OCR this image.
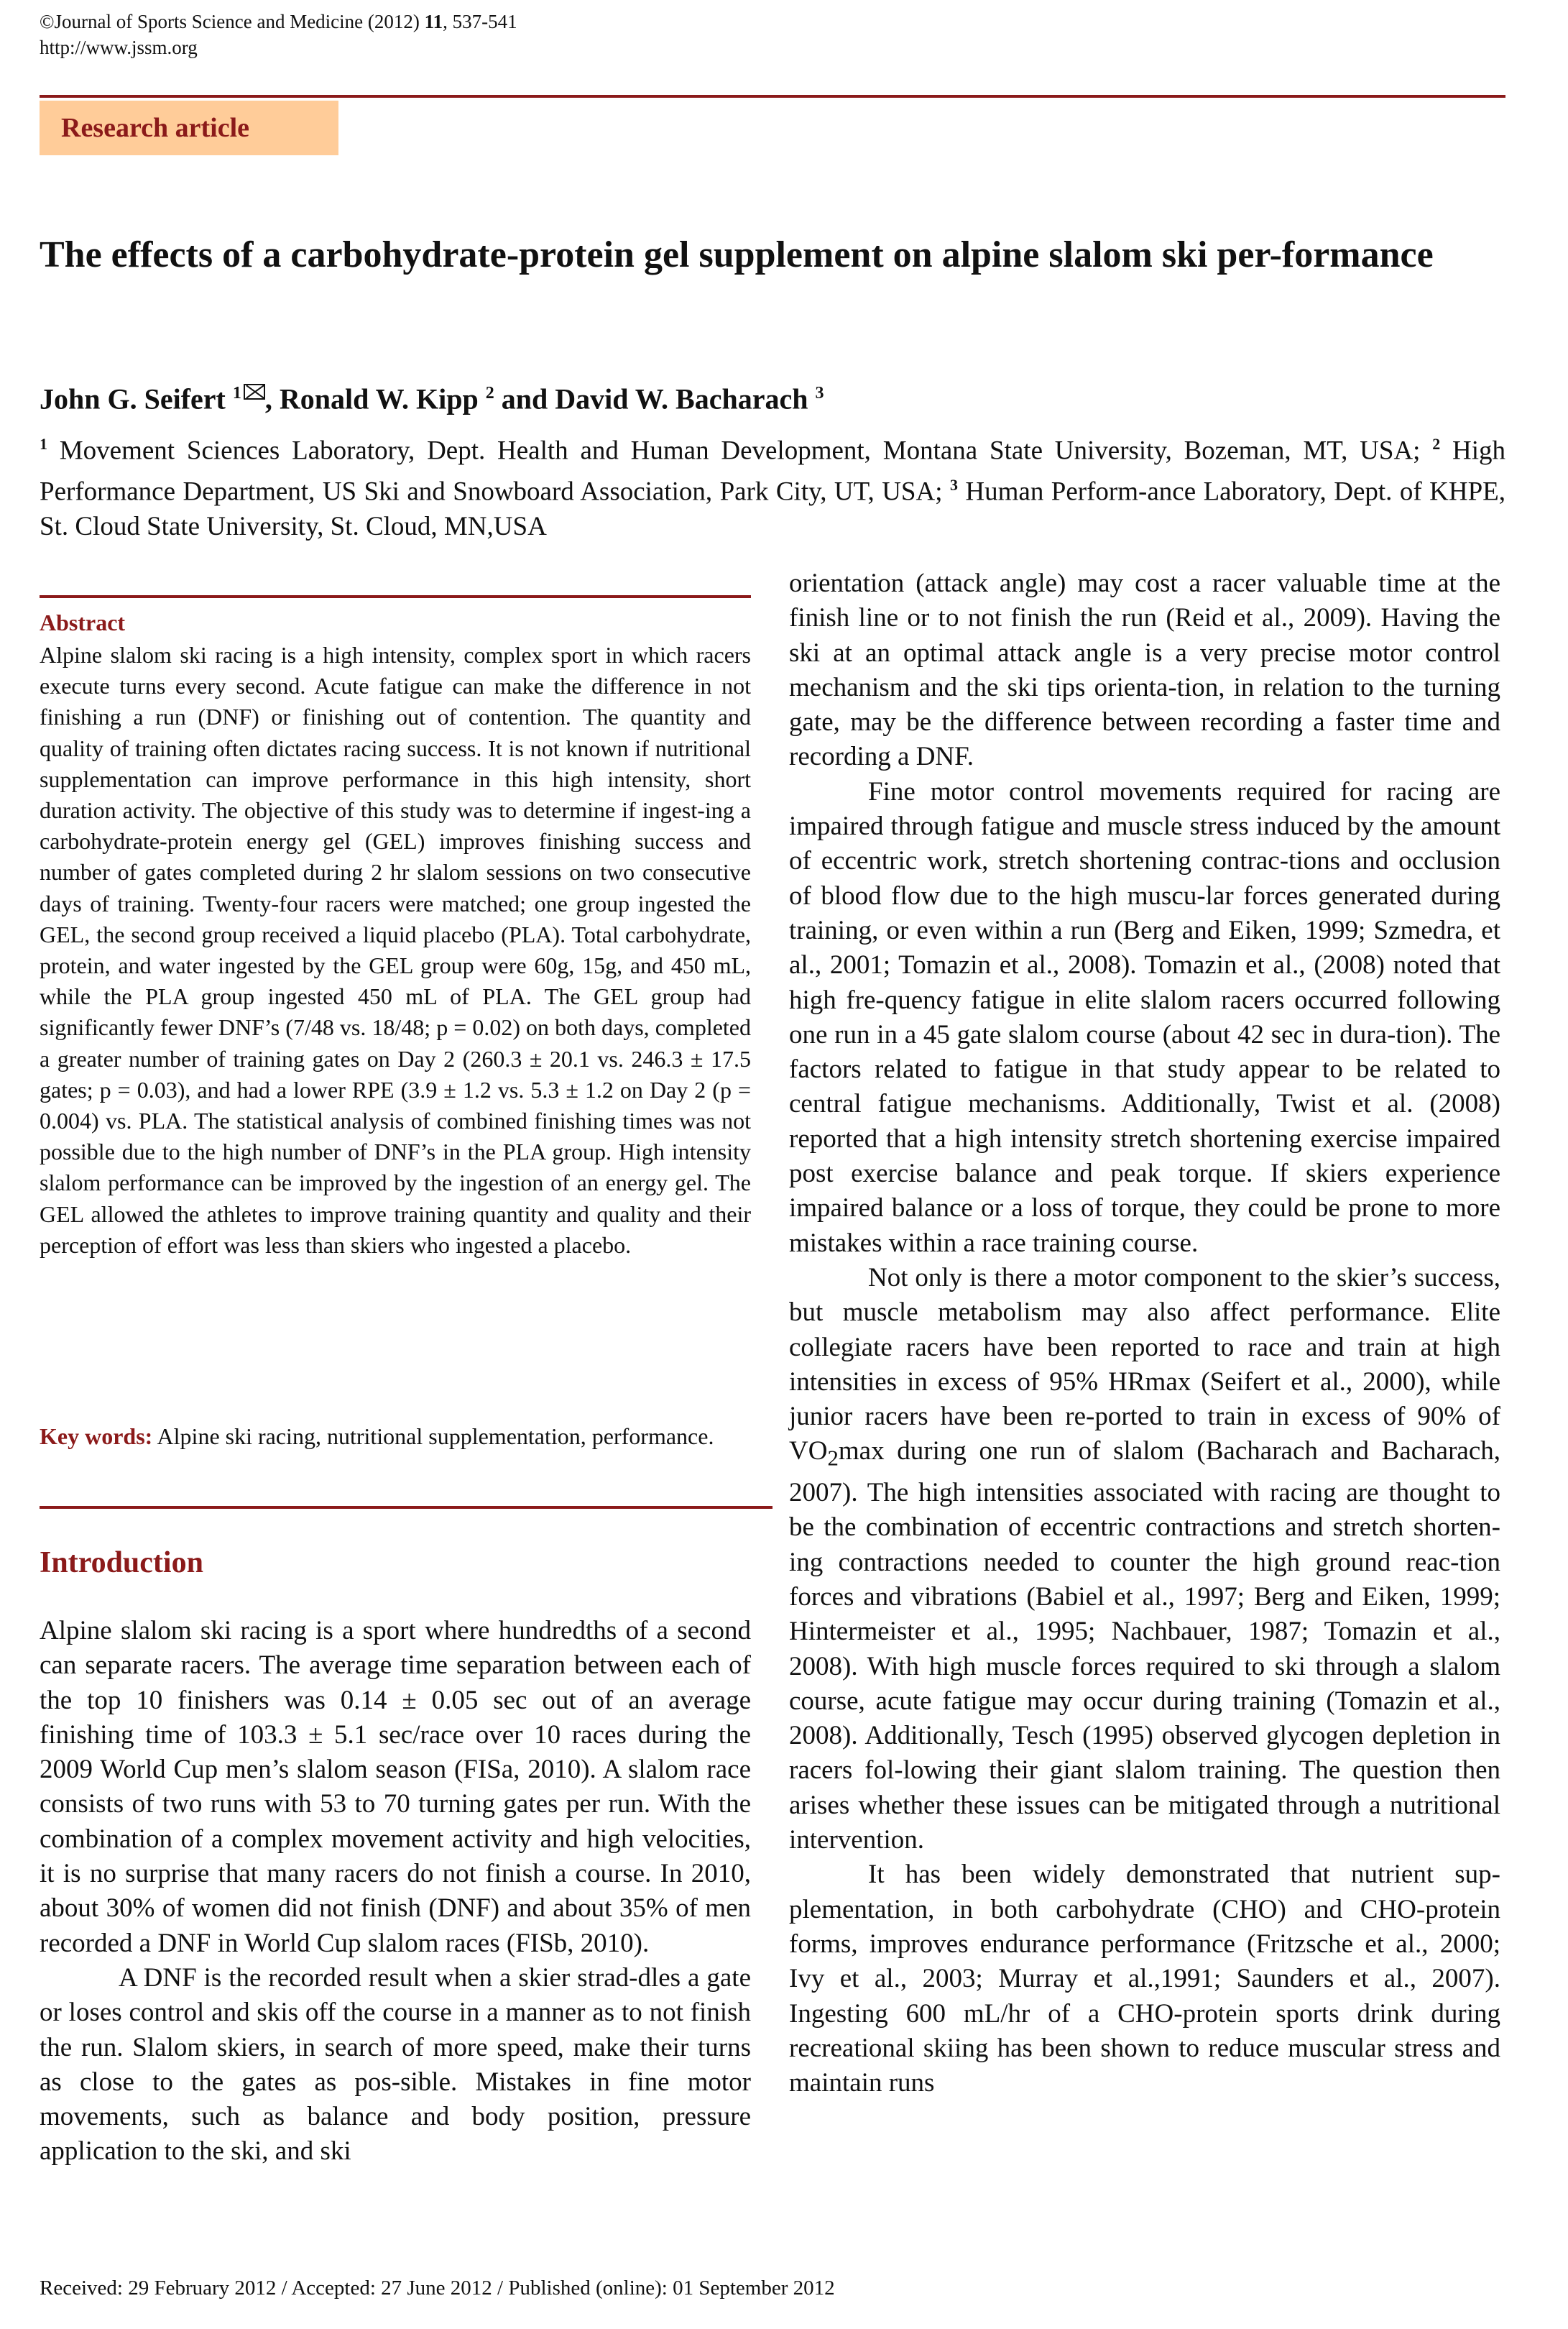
©Journal of Sports Science and Medicine (2012) 11, 537-541
http://www.jssm.org
Research article
The effects of a carbohydrate-protein gel supplement on alpine slalom ski per-formance
John G. Seifert $^1$ , Ronald W. Kipp $^2$ and David W. Bacharach $^3$
$^1$ Movement Sciences Laboratory, Dept. Health and Human Development, Montana State University, Bozeman, MT, USA; $^2$ High Performance Department, US Ski and Snowboard Association, Park City, UT, USA; $^3$ Human Perform-ance Laboratory, Dept. of KHPE, St. Cloud State University, St. Cloud, MN,USA
Abstract
Alpine slalom ski racing is a high intensity, complex sport in which racers execute turns every second. Acute fatigue can make the difference in not finishing a run (DNF) or finishing out of contention. The quantity and quality of training often dictates racing success. It is not known if nutritional supplementation can improve performance in this high intensity, short duration activity. The objective of this study was to determine if ingest-ing a carbohydrate-protein energy gel (GEL) improves finishing success and number of gates completed during 2 hr slalom sessions on two consecutive days of training. Twenty-four racers were matched; one group ingested the GEL, the second group received a liquid placebo (PLA). Total carbohydrate, protein, and water ingested by the GEL group were 60g, 15g, and 450 mL, while the PLA group ingested 450 mL of PLA. The GEL group had significantly fewer DNF’s (7/48 vs. 18/48; p = 0.02) on both days, completed a greater number of training gates on Day 2 (260.3 ± 20.1 vs. 246.3 ± 17.5 gates; p = 0.03), and had a lower RPE (3.9 ± 1.2 vs. 5.3 ± 1.2 on Day 2 (p = 0.004) vs. PLA. The statistical analysis of combined finishing times was not possible due to the high number of DNF’s in the PLA group. High intensity slalom performance can be improved by the ingestion of an energy gel. The GEL allowed the athletes to improve training quantity and quality and their perception of effort was less than skiers who ingested a placebo.
Key words: Alpine ski racing, nutritional supplementation, performance.
Introduction

Alpine slalom ski racing is a sport where hundredths of a second can separate racers. The average time separation between each of the top 10 finishers was 0.14 ± 0.05 sec out of an average finishing time of 103.3 ± 5.1 sec/race over 10 races during the 2009 World Cup men’s slalom season (FISa, 2010). A slalom race consists of two runs with 53 to 70 turning gates per run. With the combination of a complex movement activity and high velocities, it is no surprise that many racers do not finish a course. In 2010, about 30% of women did not finish (DNF) and about 35% of men recorded a DNF in World Cup slalom races (FISb, 2010).

A DNF is the recorded result when a skier strad-dles a gate or loses control and skis off the course in a manner as to not finish the run. Slalom skiers, in search of more speed, make their turns as close to the gates as pos-sible. Mistakes in fine motor movements, such as balance and body position, pressure application to the ski, and ski

orientation (attack angle) may cost a racer valuable time at the finish line or to not finish the run (Reid et al., 2009). Having the ski at an optimal attack angle is a very precise motor control mechanism and the ski tips orienta-tion, in relation to the turning gate, may be the difference between recording a faster time and recording a DNF.

Fine motor control movements required for racing are impaired through fatigue and muscle stress induced by the amount of eccentric work, stretch shortening contrac-tions and occlusion of blood flow due to the high muscu-lar forces generated during training, or even within a run (Berg and Eiken, 1999; Szmedra, et al., 2001; Tomazin et al., 2008). Tomazin et al., (2008) noted that high fre-quency fatigue in elite slalom racers occurred following one run in a 45 gate slalom course (about 42 sec in dura-tion). The factors related to fatigue in that study appear to be related to central fatigue mechanisms. Additionally, Twist et al. (2008) reported that a high intensity stretch shortening exercise impaired post exercise balance and peak torque. If skiers experience impaired balance or a loss of torque, they could be prone to more mistakes within a race training course.

Not only is there a motor component to the skier’s success, but muscle metabolism may also affect performance. Elite collegiate racers have been reported to race and train at high intensities in excess of 95% HRmax (Seifert et al., 2000), while junior racers have been re-ported to train in excess of 90% of $VO_2\max$ during one run of slalom (Bacharach and Bacharach, 2007). The high intensities associated with racing are thought to be the combination of eccentric contractions and stretch shorten-ing contractions needed to counter the high ground reac-tion forces and vibrations (Babiel et al., 1997; Berg and Eiken, 1999; Hintermeister et al., 1995; Nachbauer, 1987; Tomazin et al., 2008). With high muscle forces required to ski through a slalom course, acute fatigue may occur during training (Tomazin et al., 2008). Additionally, Tesch (1995) observed glycogen depletion in racers fol-lowing their giant slalom training. The question then arises whether these issues can be mitigated through a nutritional intervention.

It has been widely demonstrated that nutrient sup-plementation, in both carbohydrate (CHO) and CHO-protein forms, improves endurance performance (Fritzsche et al., 2000; Ivy et al., 2003; Murray et al.,1991; Saunders et al., 2007). Ingesting 600 mL/hr of a CHO-protein sports drink during recreational skiing has been shown to reduce muscular stress and maintain runs

Received: 29 February 2012 / Accepted: 27 June 2012 / Published (online): 01 September 2012
